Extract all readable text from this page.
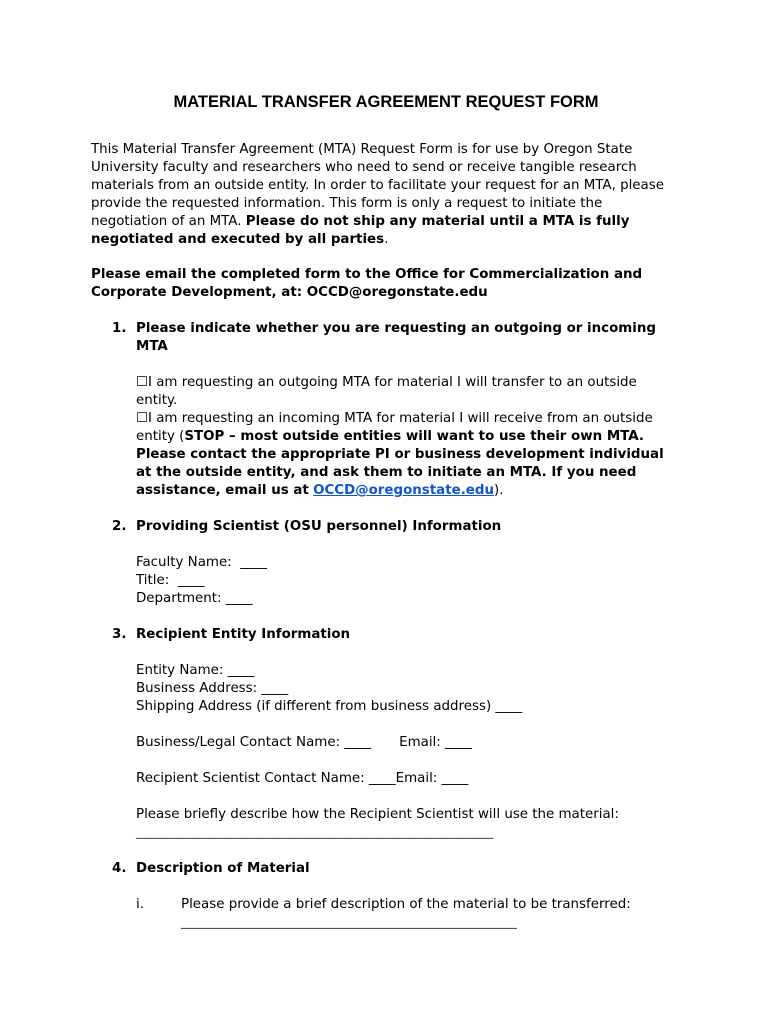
MATERIAL TRANSFER AGREEMENT REQUEST FORM

This Material Transfer Agreement (MTA) Request Form is for use by Oregon State University faculty and researchers who need to send or receive tangible research materials from an outside entity. In order to facilitate your request for an MTA, please provide the requested information. This form is only a request to initiate the negotiation of an MTA. Please do not ship any material until a MTA is fully negotiated and executed by all parties.

Please email the completed form to the Office for Commercialization and Corporate Development, at: OCCD@oregonstate.edu

1. Please indicate whether you are requesting an outgoing or incoming MTA

☐I am requesting an outgoing MTA for material I will transfer to an outside entity.

☐I am requesting an incoming MTA for material I will receive from an outside entity (STOP – most outside entities will want to use their own MTA. Please contact the appropriate PI or business development individual at the outside entity, and ask them to initiate an MTA. If you need assistance, email us at OCCD@oregonstate.edu).

2. Providing Scientist (OSU personnel) Information

Faculty Name:  ____

Title:  ____

Department: ____

3. Recipient Entity Information

Entity Name: ____

Business Address: ____

Shipping Address (if different from business address) ____

Business/Legal Contact Name: ____ Email: ____

Recipient Scientist Contact Name: ____Email: ____

Please briefly describe how the Recipient Scientist will use the material:

____________________________________________________________________

4. Description of Material

i.	Please provide a brief description of the material to be transferred:

____________________________________________________________
